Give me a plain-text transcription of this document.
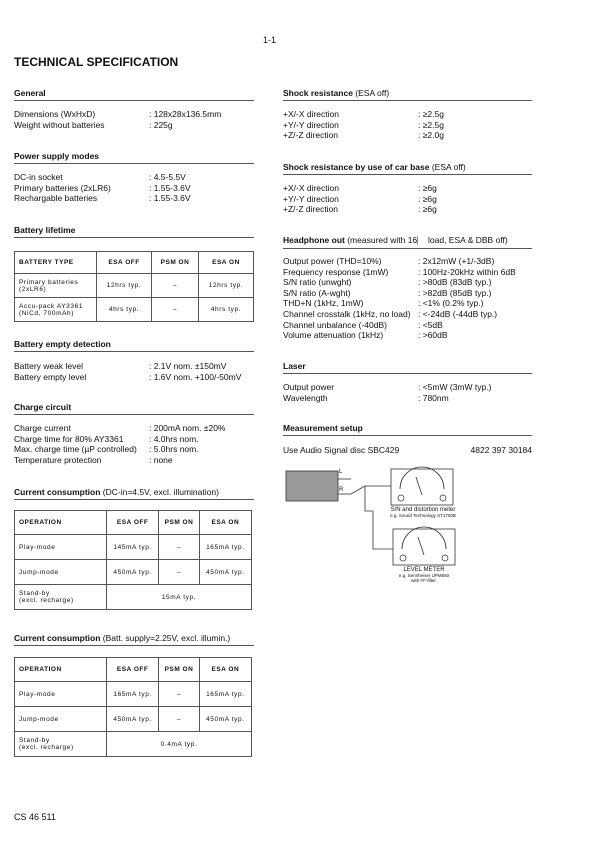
1-1
TECHNICAL SPECIFICATION
General
Dimensions (WxHxD)	: 128x28x136.5mm
Weight without batteries	: 225g
Power supply modes
DC-in socket	: 4.5-5.5V
Primary batteries (2xLR6)	: 1.55-3.6V
Rechargable batteries	: 1.55-3.6V
Battery lifetime
BATTERY TYPE	ESA OFF	PSM ON	ESA ON

Primary batteries
(2xLR6)	12hrs typ.	–	12hrs typ.

Accu-pack AY3361
(NiCd, 700mAh)	4hrs typ.	–	4hrs typ.
Battery empty detection
Battery weak level	: 2.1V nom. ±150mV
Battery empty level	: 1.6V nom. +100/-50mV
Charge circuit
Charge current	: 200mA nom. ±20%
Charge time for 80% AY3361	: 4.0hrs nom.
Max. charge time (µP controlled)	: 5.0hrs nom.
Temperature protection	: none
Current consumption (DC-in=4.5V, excl. illumination)
OPERATION	ESA OFF	PSM ON	ESA ON
Play-mode	145mA typ.	–	165mA typ.
Jump-mode	450mA typ.	–	450mA typ.

Stand-by
(excl. recharge)	15mA typ.		
Current consumption (Batt. supply=2.25V, excl. illumin.)
OPERATION	ESA OFF	PSM ON	ESA ON
Play-mode	165mA typ.	–	165mA typ.
Jump-mode	450mA typ.	–	450mA typ.

Stand-by
(excl. recharge)	0.4mA typ.		
Shock resistance (ESA off)
+X/-X direction	: ≥2.5g
+Y/-Y direction	: ≥2.5g
+Z/-Z direction	: ≥2.0g
Shock resistance by use of car base (ESA off)
+X/-X direction	: ≥6g
+Y/-Y direction	: ≥6g
+Z/-Z direction	: ≥6g
Headphone out (measured with 16⎸ load, ESA & DBB off)
Output power (THD=10%)	: 2x12mW (+1/-3dB)
Frequency response (1mW)	: 100Hz-20kHz within 6dB
S/N ratio (unwght)	: >80dB (83dB typ.)
S/N ratio (A-wght)	: >82dB (85dB typ.)
THD+N (1kHz, 1mW)	: <1% (0.2% typ.)
Channel crosstalk (1kHz, no load) : <-24dB (-44dB typ.)
Channel unbalance (-40dB)	: <5dB
Volume attenuation (1kHz)	: >60dB
Laser
Output power	: <5mW (3mW typ.)
Wavelength	: 780nm
Measurement setup
Use Audio Signal disc SBC429	4822 397 30184
L
R
S/N and distortion meter
e.g. Sound Technology ST1700B
LEVEL METER
e.g. Sennheiser UPM550
with FF-filter.
CS 46 511
